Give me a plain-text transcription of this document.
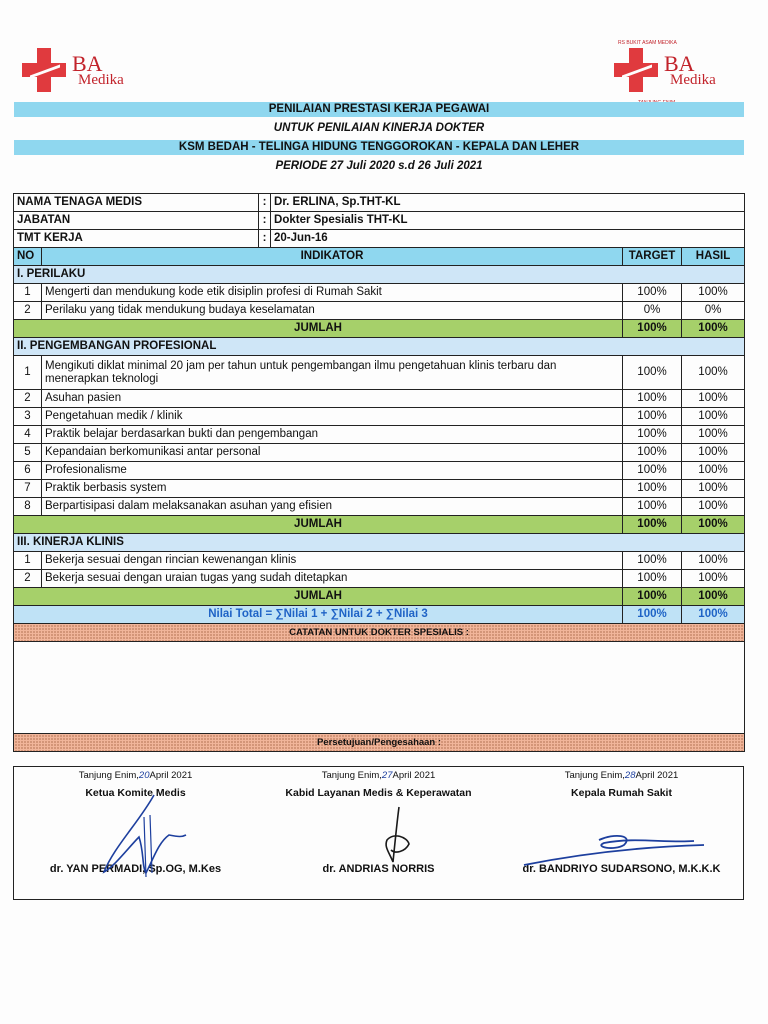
BA
Medika
BA
Medika
RS BUKIT ASAM MEDIKA
PENILAIAN PRESTASI KERJA PEGAWAI
UNTUK PENILAIAN KINERJA DOKTER
KSM BEDAH - TELINGA HIDUNG TENGGOROKAN - KEPALA DAN LEHER
PERIODE 27 Juli 2020 s.d 26 Juli 2021
NAMA TENAGA MEDIS		:	Dr. ERLINA, Sp.THT-KL		
JABATAN		:	Dokter Spesialis THT-KL		
TMT KERJA		:	20-Jun-16		
NO	INDIKATOR			TARGET	HASIL
I. PERILAKU					
1	Mengerti dan mendukung kode etik disiplin profesi di Rumah Sakit			100%	100%
2	Perilaku yang tidak mendukung budaya keselamatan			0%	0%
JUMLAH				100%	100%
II. PENGEMBANGAN PROFESIONAL					
1	Mengikuti diklat minimal 20 jam per tahun untuk pengembangan ilmu pengetahuan klinis terbaru dan menerapkan teknologi			100%	100%
2	Asuhan pasien			100%	100%
3	Pengetahuan medik / klinik			100%	100%
4	Praktik belajar berdasarkan bukti dan pengembangan			100%	100%
5	Kepandaian berkomunikasi antar personal			100%	100%
6	Profesionalisme			100%	100%
7	Praktik berbasis system			100%	100%
8	Berpartisipasi dalam melaksanakan asuhan yang efisien			100%	100%
JUMLAH				100%	100%
III. KINERJA KLINIS					
1	Bekerja sesuai dengan rincian kewenangan klinis			100%	100%
2	Bekerja sesuai dengan uraian tugas yang sudah ditetapkan			100%	100%
JUMLAH				100%	100%
Nilai Total = ∑Nilai 1 + ∑Nilai 2 + ∑Nilai 3				100%	100%
CATATAN UNTUK DOKTER SPESIALIS :					

Persetujuan/Pengesahaan :					
Tanjung Enim,20April 2021
Ketua Komite Medis
dr. YAN PERMADI, Sp.OG, M.Kes
Tanjung Enim,27April 2021
Kabid Layanan Medis & Keperawatan
dr. ANDRIAS NORRIS
Tanjung Enim,28April 2021
Kepala Rumah Sakit
dr. BANDRIYO SUDARSONO, M.K.K.K
